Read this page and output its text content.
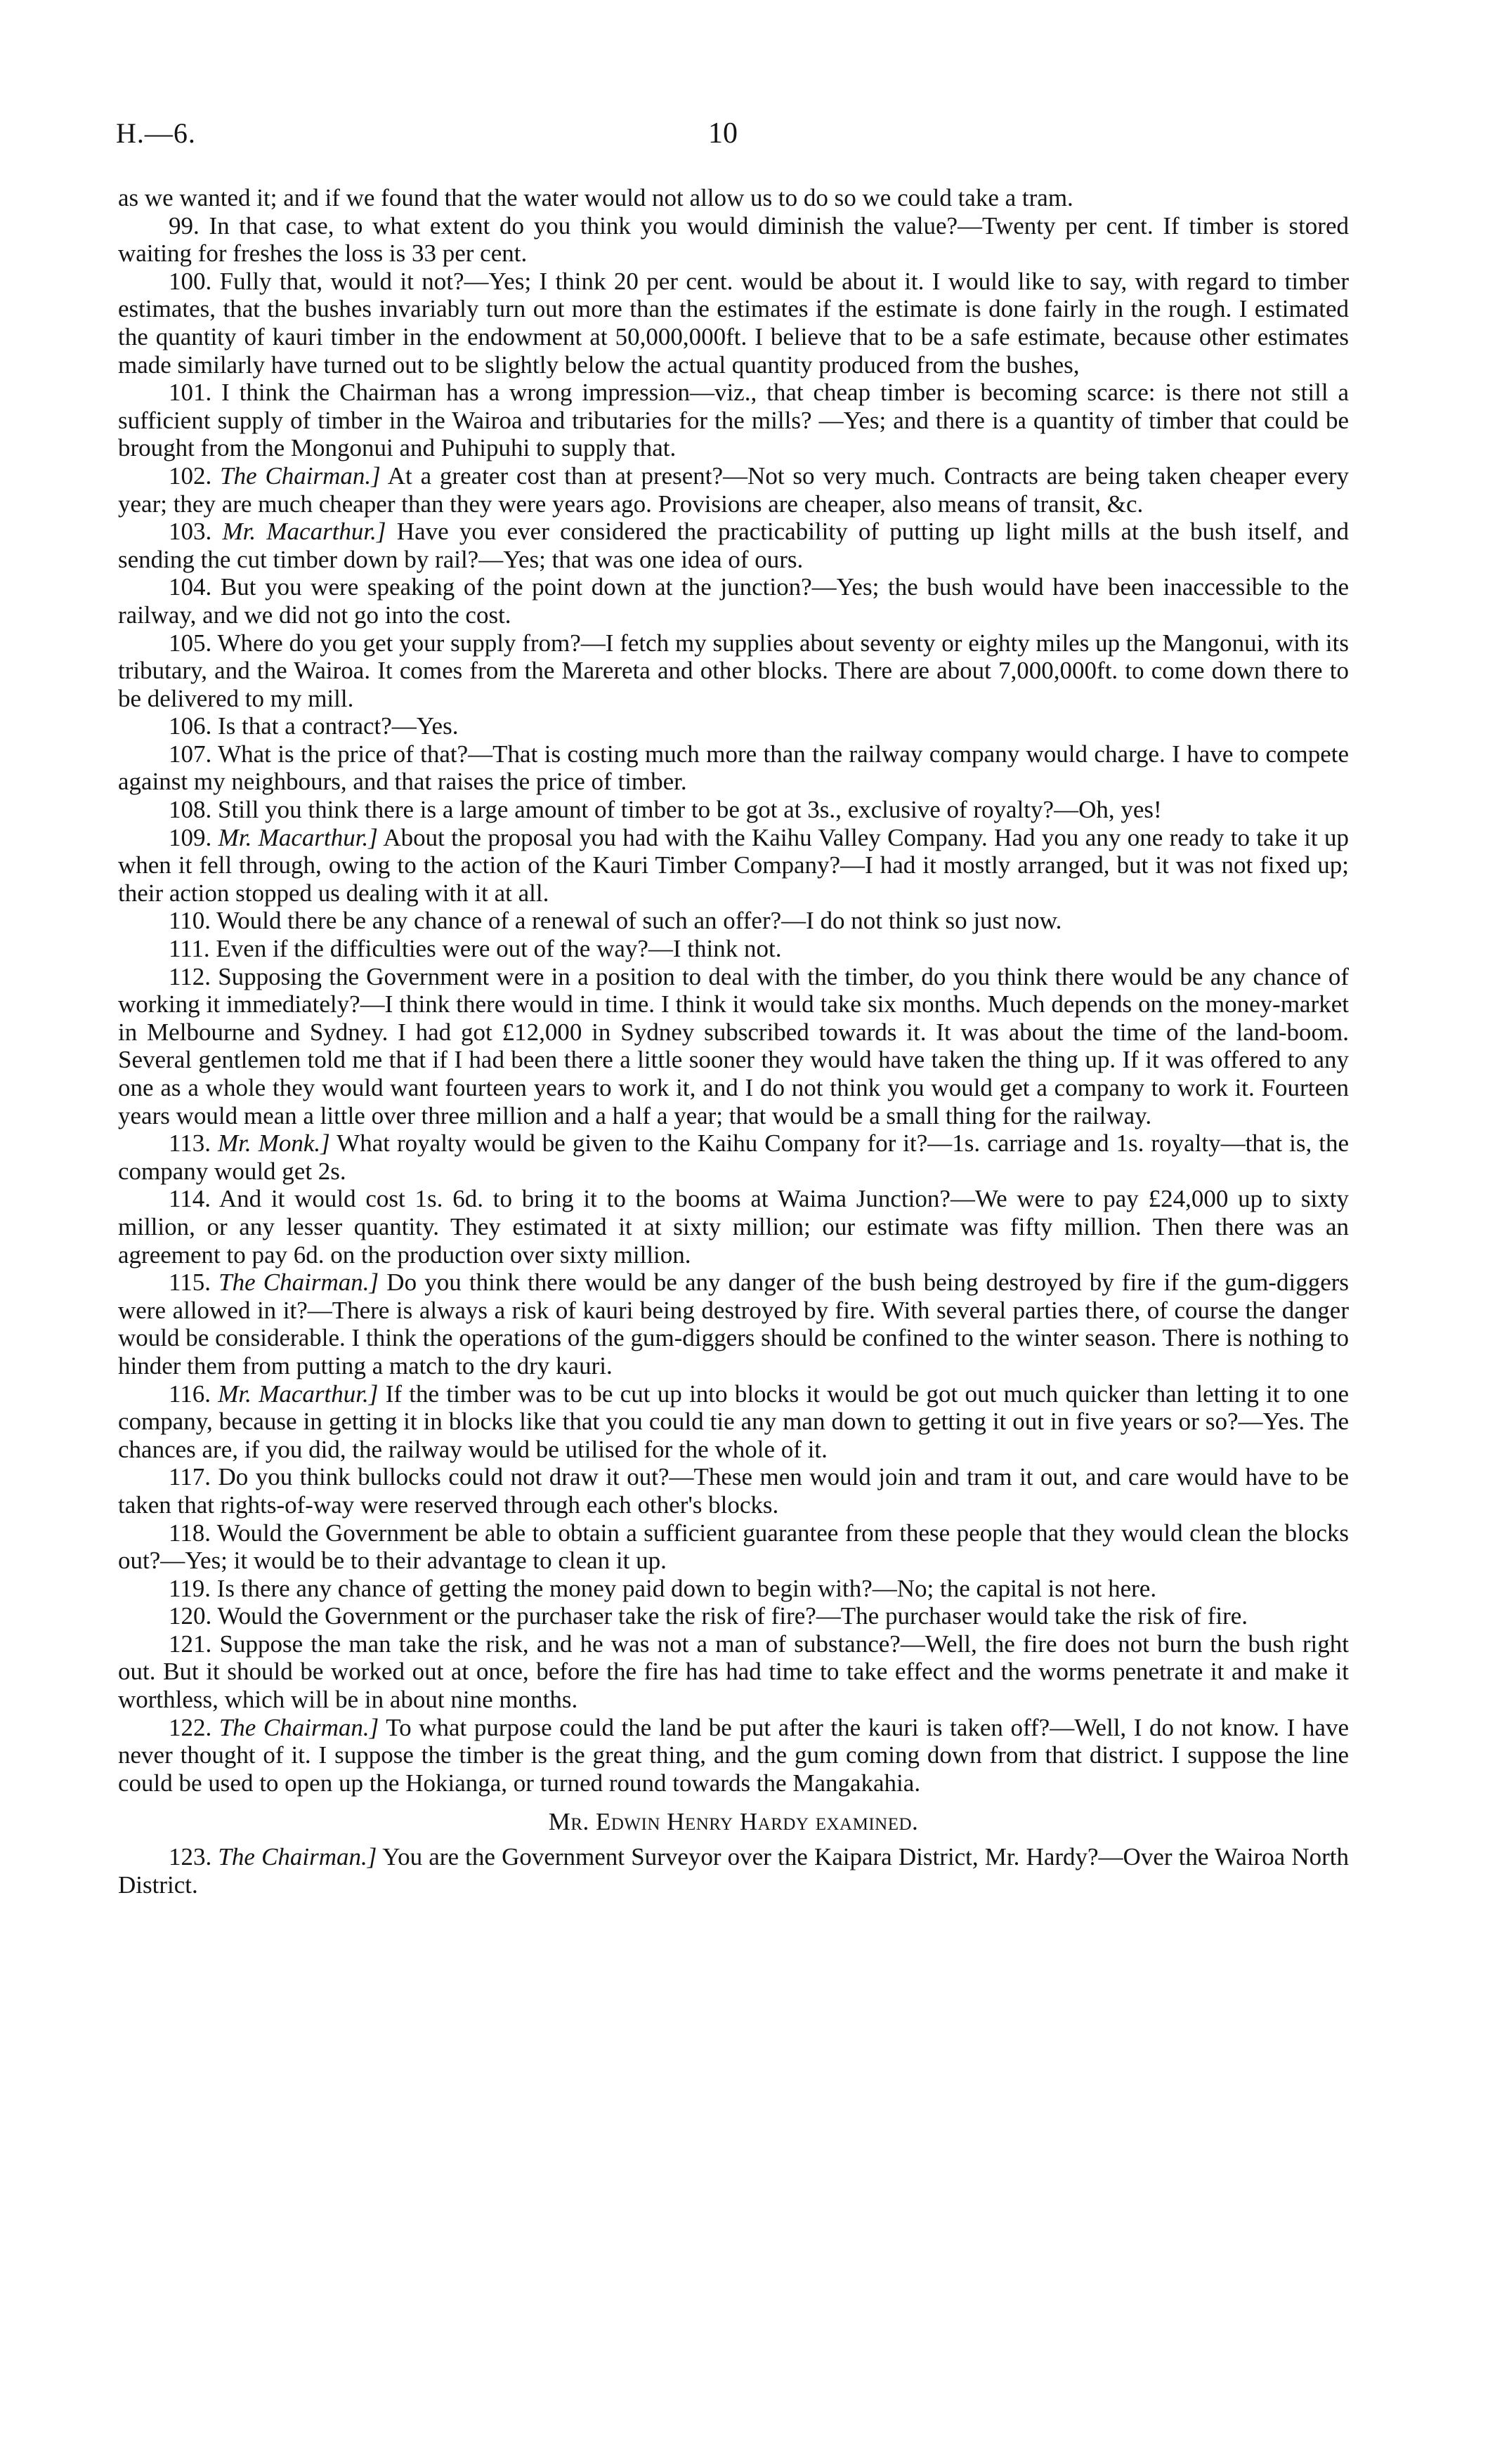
H.—6.	10

as we wanted it; and if we found that the water would not allow us to do so we could take a tram.

99. In that case, to what extent do you think you would diminish the value?—Twenty per cent. If timber is stored waiting for freshes the loss is 33 per cent.

100. Fully that, would it not?—Yes; I think 20 per cent. would be about it. I would like to say, with regard to timber estimates, that the bushes invariably turn out more than the estimates if the estimate is done fairly in the rough. I estimated the quantity of kauri timber in the endowment at 50,000,000ft. I believe that to be a safe estimate, because other estimates made similarly have turned out to be slightly below the actual quantity produced from the bushes,

101. I think the Chairman has a wrong impression—viz., that cheap timber is becoming scarce: is there not still a sufficient supply of timber in the Wairoa and tributaries for the mills? —Yes; and there is a quantity of timber that could be brought from the Mongonui and Puhipuhi to supply that.

102. The Chairman.] At a greater cost than at present?—Not so very much. Contracts are being taken cheaper every year; they are much cheaper than they were years ago. Provisions are cheaper, also means of transit, &c.

103. Mr. Macarthur.] Have you ever considered the practicability of putting up light mills at the bush itself, and sending the cut timber down by rail?—Yes; that was one idea of ours.

104. But you were speaking of the point down at the junction?—Yes; the bush would have been inaccessible to the railway, and we did not go into the cost.

105. Where do you get your supply from?—I fetch my supplies about seventy or eighty miles up the Mangonui, with its tributary, and the Wairoa. It comes from the Marereta and other blocks. There are about 7,000,000ft. to come down there to be delivered to my mill.

106. Is that a contract?—Yes.

107. What is the price of that?—That is costing much more than the railway company would charge. I have to compete against my neighbours, and that raises the price of timber.

108. Still you think there is a large amount of timber to be got at 3s., exclusive of royalty?—Oh, yes!

109. Mr. Macarthur.] About the proposal you had with the Kaihu Valley Company. Had you any one ready to take it up when it fell through, owing to the action of the Kauri Timber Company?—I had it mostly arranged, but it was not fixed up; their action stopped us dealing with it at all.

110. Would there be any chance of a renewal of such an offer?—I do not think so just now.

111. Even if the difficulties were out of the way?—I think not.

112. Supposing the Government were in a position to deal with the timber, do you think there would be any chance of working it immediately?—I think there would in time. I think it would take six months. Much depends on the money-market in Melbourne and Sydney. I had got £12,000 in Sydney subscribed towards it. It was about the time of the land-boom. Several gentlemen told me that if I had been there a little sooner they would have taken the thing up. If it was offered to any one as a whole they would want fourteen years to work it, and I do not think you would get a company to work it. Fourteen years would mean a little over three million and a half a year; that would be a small thing for the railway.

113. Mr. Monk.] What royalty would be given to the Kaihu Company for it?—1s. carriage and 1s. royalty—that is, the company would get 2s.

114. And it would cost 1s. 6d. to bring it to the booms at Waima Junction?—We were to pay £24,000 up to sixty million, or any lesser quantity. They estimated it at sixty million; our estimate was fifty million. Then there was an agreement to pay 6d. on the production over sixty million.

115. The Chairman.] Do you think there would be any danger of the bush being destroyed by fire if the gum-diggers were allowed in it?—There is always a risk of kauri being destroyed by fire. With several parties there, of course the danger would be considerable. I think the operations of the gum-diggers should be confined to the winter season. There is nothing to hinder them from putting a match to the dry kauri.

116. Mr. Macarthur.] If the timber was to be cut up into blocks it would be got out much quicker than letting it to one company, because in getting it in blocks like that you could tie any man down to getting it out in five years or so?—Yes. The chances are, if you did, the railway would be utilised for the whole of it.

117. Do you think bullocks could not draw it out?—These men would join and tram it out, and care would have to be taken that rights-of-way were reserved through each other's blocks.

118. Would the Government be able to obtain a sufficient guarantee from these people that they would clean the blocks out?—Yes; it would be to their advantage to clean it up.

119. Is there any chance of getting the money paid down to begin with?—No; the capital is not here.

120. Would the Government or the purchaser take the risk of fire?—The purchaser would take the risk of fire.

121. Suppose the man take the risk, and he was not a man of substance?—Well, the fire does not burn the bush right out. But it should be worked out at once, before the fire has had time to take effect and the worms penetrate it and make it worthless, which will be in about nine months.

122. The Chairman.] To what purpose could the land be put after the kauri is taken off?—Well, I do not know. I have never thought of it. I suppose the timber is the great thing, and the gum coming down from that district. I suppose the line could be used to open up the Hokianga, or turned round towards the Mangakahia.

Mr. Edwin Henry Hardy examined.

123. The Chairman.] You are the Government Surveyor over the Kaipara District, Mr. Hardy?—Over the Wairoa North District.
